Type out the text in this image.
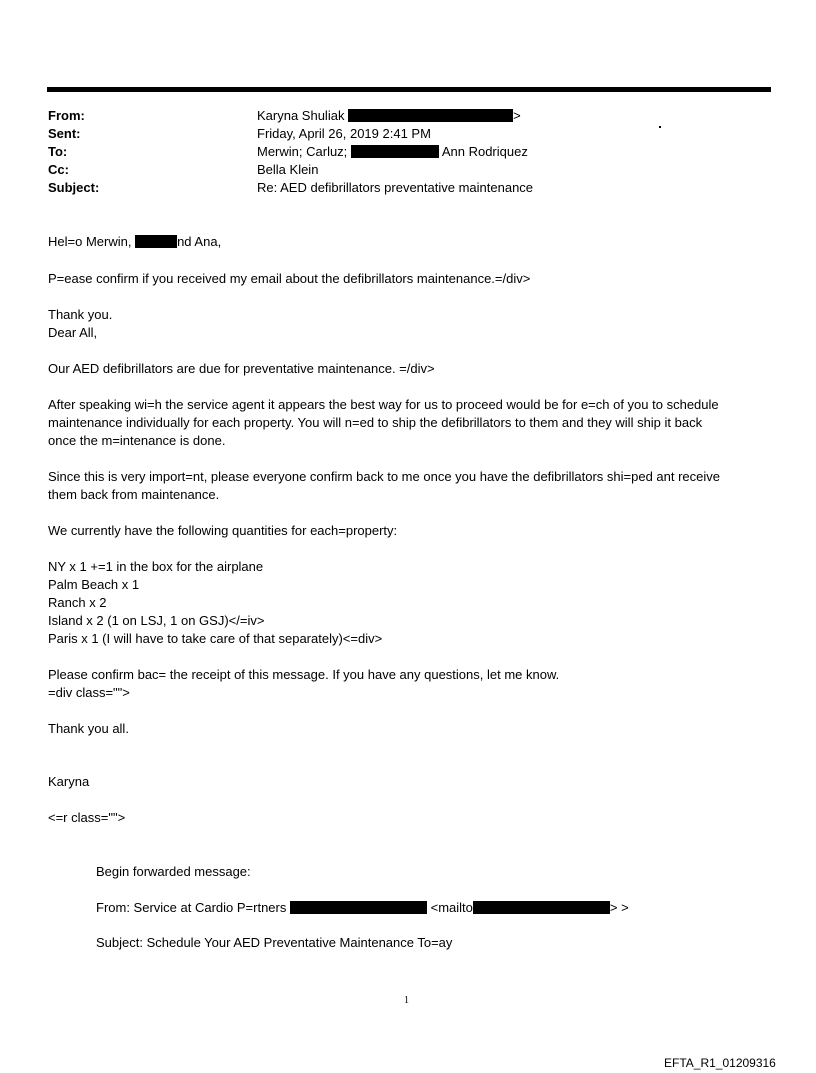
From:	Karyna Shuliak	>
Sent:	Friday, April 26, 2019 2:41 PM
To:	Merwin; Carluz;	Ann Rodriquez
Cc:	Bella Klein
Subject:	Re: AED defibrillators preventative maintenance
Hel=o Merwin,	nd Ana,
P=ease confirm if you received my email about the defibrillators maintenance.=/div>
Thank you.
Dear All,
Our AED defibrillators are due for preventative maintenance. =/div>
After speaking wi=h the service agent it appears the best way for us to proceed would be for e=ch of you to schedule
maintenance individually for each property. You will n=ed to ship the defibrillators to them and they will ship it back
once the m=intenance is done.
Since this is very import=nt, please everyone confirm back to me once you have the defibrillators shi=ped ant receive
them back from maintenance.
We currently have the following quantities for each=property:
NY x 1 +=1 in the box for the airplane
Palm Beach x 1
Ranch x 2
Island x 2 (1 on LSJ, 1 on GSJ)</=iv>
Paris x 1 (I will have to take care of that separately)<=div>
Please confirm bac= the receipt of this message. If you have any questions, let me know.
=div class="">
Thank you all.
Karyna
<=r class="">
Begin forwarded message:
From: Service at Cardio P=rtners	<mailto	> >
Subject: Schedule Your AED Preventative Maintenance To=ay
1
EFTA_R1_01209316
